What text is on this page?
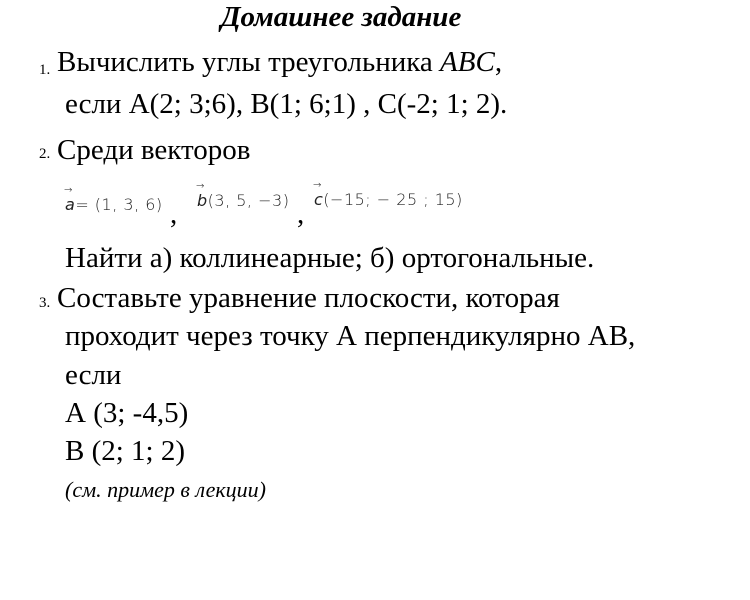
Домашнее задание
1. Вычислить углы треугольника ABC,
если А(2; 3;6), В(1; 6;1) , С(-2; 1; 2).
2. Среди векторов
→
a= (1, 3, 6) ,
→
b(3, 5, −3) ,
→
c(−15; − 25 ; 15)
Найти а) коллинеарные; б) ортогональные.
3. Составьте уравнение плоскости, которая
проходит через точку А перпендикулярно АВ,
если
А (3; -4,5)
В (2; 1; 2)
(см. пример в лекции)
